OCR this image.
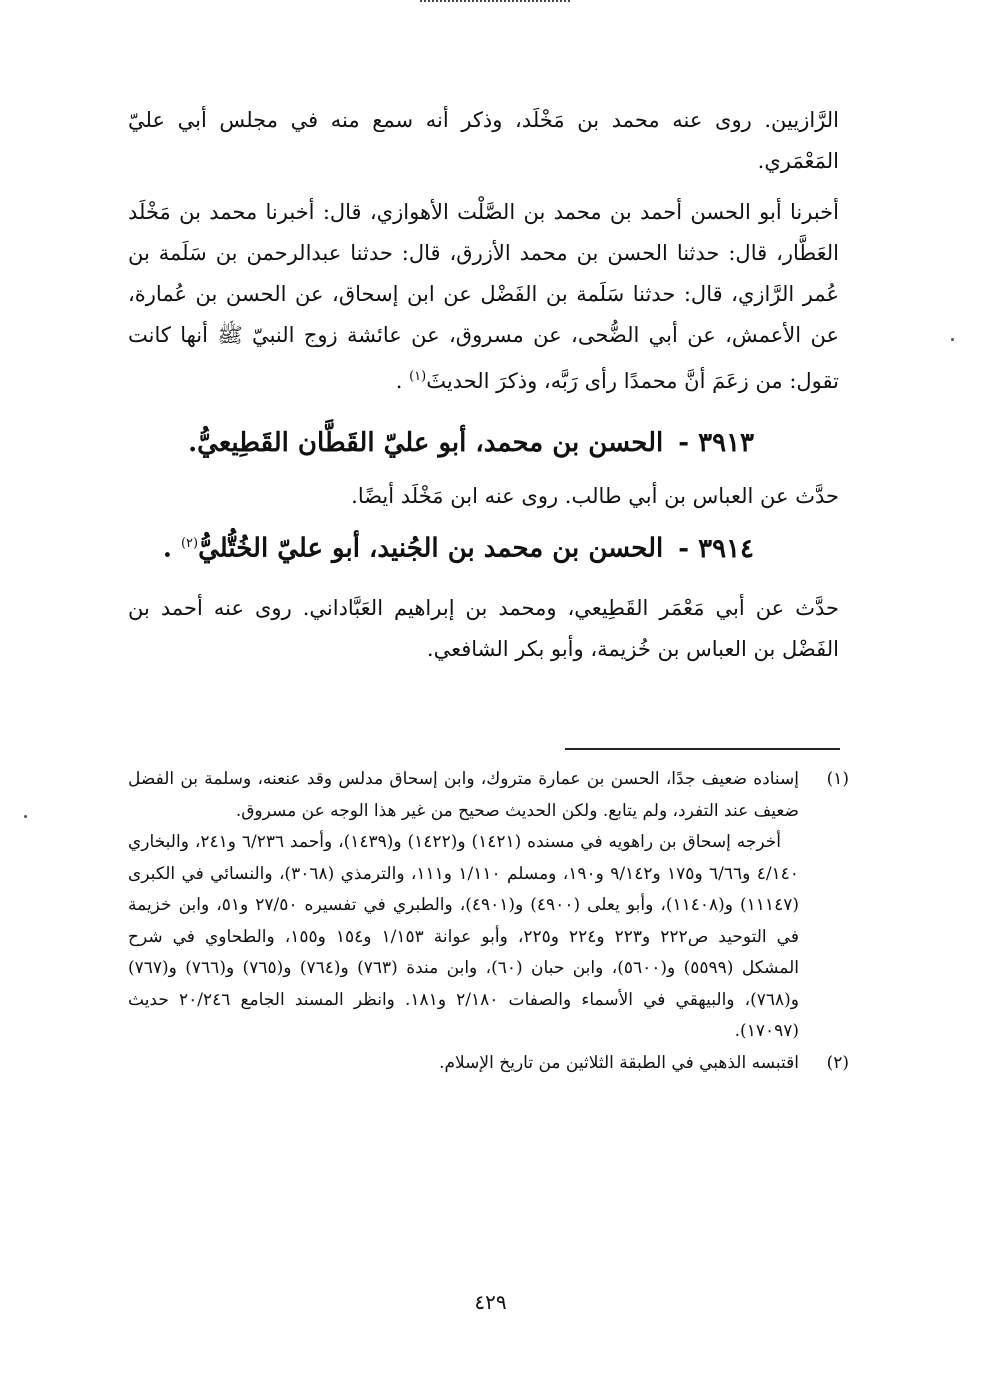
الرَّازيين. روى عنه محمد بن مَخْلَد، وذكر أنه سمع منه في مجلس أبي عليّ المَعْمَري.

أخبرنا أبو الحسن أحمد بن محمد بن الصَّلْت الأهوازي، قال: أخبرنا محمد بن مَخْلَد العَطَّار، قال: حدثنا الحسن بن محمد الأزرق، قال: حدثنا عبدالرحمن بن سَلَمة بن عُمر الرَّازي، قال: حدثنا سَلَمة بن الفَضْل عن ابن إسحاق، عن الحسن بن عُمارة، عن الأعمش، عن أبي الضُّحى، عن مسروق، عن عائشة زوج النبيّ ﷺ أنها كانت تقول: من زعَمَ أنَّ محمدًا رأى رَبَّه، وذكرَ الحديثَ$^{(١)}$ .

٣٩١٣ - الحسن بن محمد، أبو عليّ القَطَّان القَطِيعيُّ.

حدَّث عن العباس بن أبي طالب. روى عنه ابن مَخْلَد أيضًا.

٣٩١٤ - الحسن بن محمد بن الجُنيد، أبو عليّ الخُتُّليُّ$^{(٢)}$ .

حدَّث عن أبي مَعْمَر القَطِيعي، ومحمد بن إبراهيم العَبَّاداني. روى عنه أحمد بن الفَضْل بن العباس بن خُزيمة، وأبو بكر الشافعي.

(١)

إسناده ضعيف جدًا، الحسن بن عمارة متروك، وابن إسحاق مدلس وقد عنعنه، وسلمة بن الفضل ضعيف عند التفرد، ولم يتابع. ولكن الحديث صحيح من غير هذا الوجه عن مسروق.

أخرجه إسحاق بن راهويه في مسنده (١٤٢١) و(١٤٢٢) و(١٤٣٩)، وأحمد ٦/٢٣٦ و٢٤١، والبخاري ٤/١٤٠ و٦/٦٦ و١٧٥ و٩/١٤٢ و١٩٠، ومسلم ١/١١٠ و١١١، والترمذي (٣٠٦٨)، والنسائي في الكبرى (١١١٤٧) و(١١٤٠٨)، وأبو يعلى (٤٩٠٠) و(٤٩٠١)، والطبري في تفسيره ٢٧/٥٠ و٥١، وابن خزيمة في التوحيد ص٢٢٢ و٢٢٣ و٢٢٤ و٢٢٥، وأبو عوانة ١/١٥٣ و١٥٤ و١٥٥، والطحاوي في شرح المشكل (٥٥٩٩) و(٥٦٠٠)، وابن حبان (٦٠)، وابن مندة (٧٦٣) و(٧٦٤) و(٧٦٥) و(٧٦٦) و(٧٦٧) و(٧٦٨)، والبيهقي في الأسماء والصفات ٢/١٨٠ و١٨١. وانظر المسند الجامع ٢٠/٢٤٦ حديث (١٧٠٩٧).

(٢)

اقتبسه الذهبي في الطبقة الثلاثين من تاريخ الإسلام.

٤٢٩
